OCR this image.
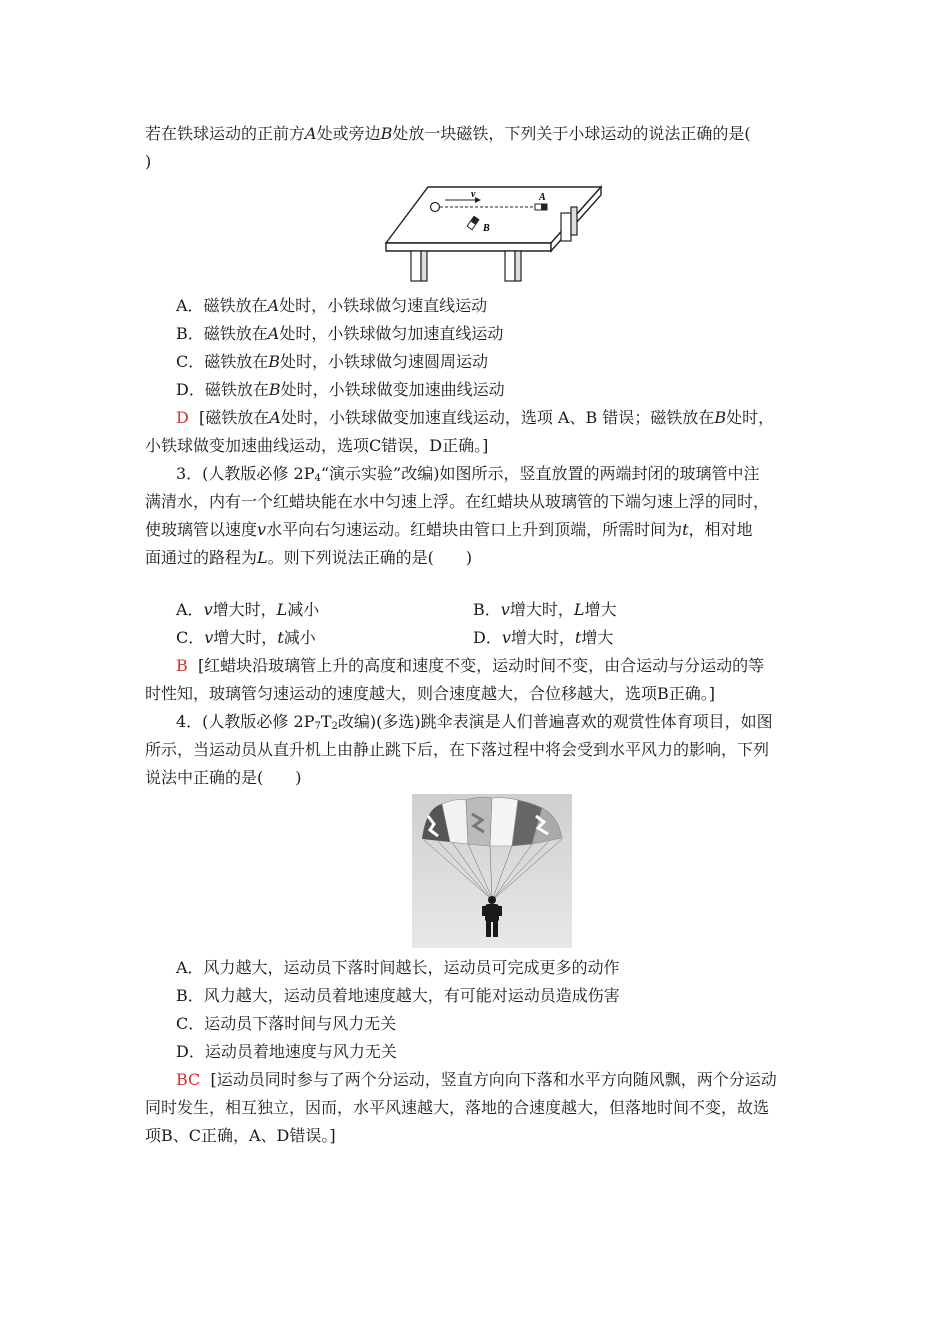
若在铁球运动的正前方A处或旁边B处放一块磁铁，下列关于小球运动的说法正确的是(
)
v	A
B
A．磁铁放在A处时，小铁球做匀速直线运动
B．磁铁放在A处时，小铁球做匀加速直线运动
C．磁铁放在B处时，小铁球做匀速圆周运动
D．磁铁放在B处时，小铁球做变加速曲线运动
D [磁铁放在A处时，小铁球做变加速直线运动，选项 A、B 错误；磁铁放在B处时，
小铁球做变加速曲线运动，选项C错误，D正确。]
3．(人教版必修 $2P_4“$演示实验”改编)如图所示，竖直放置的两端封闭的玻璃管中注
满清水，内有一个红蜡块能在水中匀速上浮。在红蜡块从玻璃管的下端匀速上浮的同时，
使玻璃管以速度v水平向右匀速运动。红蜡块由管口上升到顶端，所需时间为t，相对地
面通过的路程为L。则下列说法正确的是(　　)
A．v增大时，L减小	B．v增大时，L增大
C．v增大时，t减小	D．v增大时，t增大
B [红蜡块沿玻璃管上升的高度和速度不变，运动时间不变，由合运动与分运动的等
时性知，玻璃管匀速运动的速度越大，则合速度越大，合位移越大，选项B正确。]
4．(人教版必修 $2P_7T_2$改编)(多选)跳伞表演是人们普遍喜欢的观赏性体育项目，如图
所示，当运动员从直升机上由静止跳下后，在下落过程中将会受到水平风力的影响，下列
说法中正确的是(　　)
A．风力越大，运动员下落时间越长，运动员可完成更多的动作
B．风力越大，运动员着地速度越大，有可能对运动员造成伤害
C．运动员下落时间与风力无关
D．运动员着地速度与风力无关
BC [运动员同时参与了两个分运动，竖直方向向下落和水平方向随风飘，两个分运动
同时发生，相互独立，因而，水平风速越大，落地的合速度越大，但落地时间不变，故选
项B、C正确，A、D错误。]
